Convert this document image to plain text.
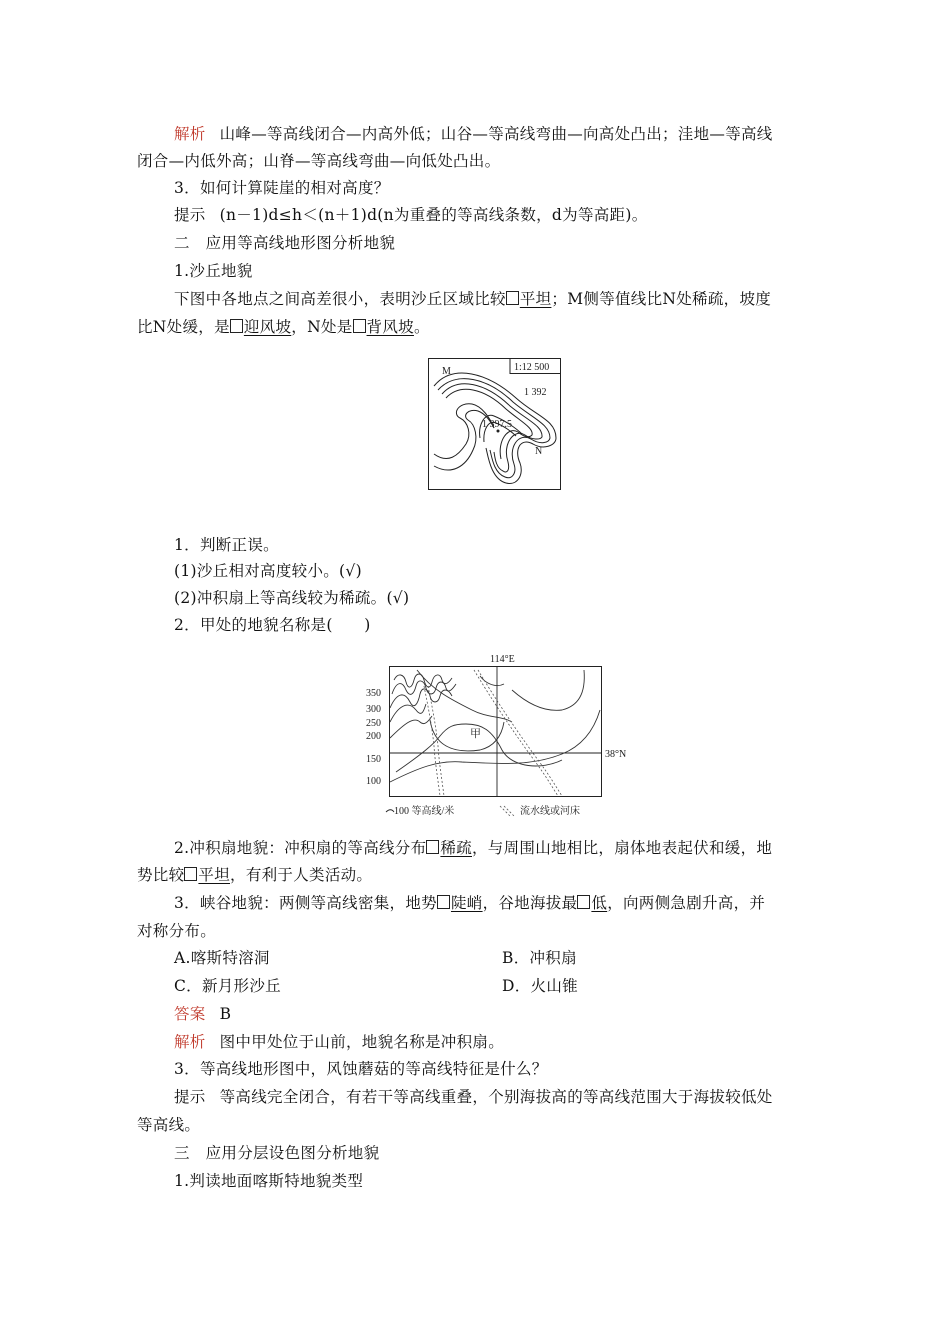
解析 山峰—等高线闭合—内高外低；山谷—等高线弯曲—向高处凸出；洼地—等高线
闭合—内低外高；山脊—等高线弯曲—向低处凸出。
3．如何计算陡崖的相对高度？
提示 (n－1)d≤h＜(n＋1)d(n为重叠的等高线条数，d为等高距)。
二　应用等高线地形图分析地貌
1.沙丘地貌
下图中各地点之间高差很小，表明沙丘区域比较 平坦；M侧等值线比N处稀疏，坡度
比N处缓，是 迎风坡，N处是 背风坡。
M
N
1:12 500
1 392
1 397.5
1．判断正误。
(1)沙丘相对高度较小。(√)
(2)冲积扇上等高线较为稀疏。(√)
2．甲处的地貌名称是(　　)
114°E
38°N
甲
350
300
250
200
150
100
100 等高线/米	流水线或河床
2.冲积扇地貌：冲积扇的等高线分布 稀疏，与周围山地相比，扇体地表起伏和缓，地
势比较 平坦，有利于人类活动。
3．峡谷地貌：两侧等高线密集，地势 陡峭，谷地海拔最 低，向两侧急剧升高，并
对称分布。
A.喀斯特溶洞	B．冲积扇
C．新月形沙丘	D．火山锥
答案 B
解析 图中甲处位于山前，地貌名称是冲积扇。
3．等高线地形图中，风蚀蘑菇的等高线特征是什么？
提示 等高线完全闭合，有若干等高线重叠，个别海拔高的等高线范围大于海拔较低处
等高线。
三　应用分层设色图分析地貌
1.判读地面喀斯特地貌类型
